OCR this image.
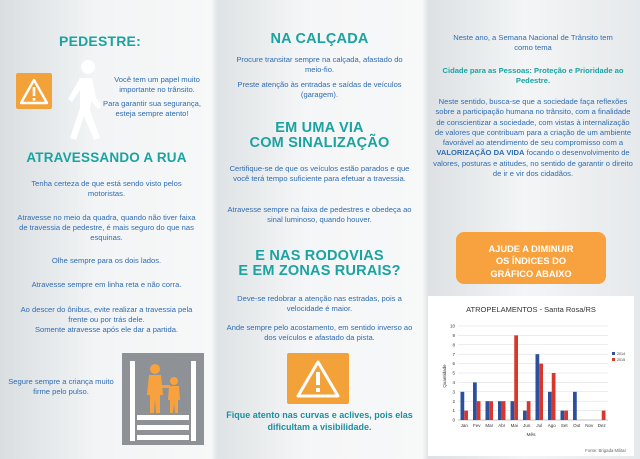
PEDESTRE:
Você tem um papel muito importante no trânsito.
Para garantir sua segurança, esteja sempre atento!
ATRAVESSANDO A RUA
Tenha certeza de que está sendo visto pelos motoristas.
Atravesse no meio da quadra, quando não tiver faixa de travessia de pedestre, é mais seguro do que nas esquinas.
Olhe sempre para os dois lados.
Atravesse sempre em linha reta e não corra.
Ao descer do ônibus, evite realizar a travessia pela frente ou por trás dele.
Somente atravesse após ele dar a partida.
Segure sempre a criança muito firme pelo pulso.
NA CALÇADA
Procure transitar sempre na calçada, afastado do meio-fio.
Preste atenção às entradas e saídas de veículos (garagem).
EM UMA VIA
COM SINALIZAÇÃO
Certifique-se de que os veículos estão parados e que você terá tempo suficiente para efetuar a travessia.
Atravesse sempre na faixa de pedestres e obedeça ao sinal luminoso, quando houver.
E NAS RODOVIAS
E EM ZONAS RURAIS?
Deve-se redobrar a atenção nas estradas, pois a velocidade é maior.
Ande sempre pelo acostamento, em sentido inverso ao dos veículos e afastado da pista.
Fique atento nas curvas e aclives, pois elas dificultam a visibilidade.
Neste ano, a Semana Nacional de Trânsito tem como tema
Cidade para as Pessoas: Proteção e Prioridade ao Pedestre.
Neste sentido, busca-se que a sociedade faça reflexões sobre a participação humana no trânsito, com a finalidade de conscientizar a sociedade, com vistas à internalização de valores que contribuam para a criação de um ambiente favorável ao atendimento de seu compromisso com a VALORIZAÇÃO DA VIDA focando o desenvolvimento de valores, posturas e atitudes, no sentido de garantir o direito de ir e vir dos cidadãos.
AJUDE A DIMINUIR
OS ÍNDICES DO
GRÁFICO ABAIXO
ATROPELAMENTOS - Santa Rosa/RS
0
1
2
3
4
5
6
7
8
9
10
Jan Fev Mar Abr Mai Jun Jul Ago Set Out Nov Dez
Quantidade
Mês
2014
2015
Fonte: Brigada Militar
